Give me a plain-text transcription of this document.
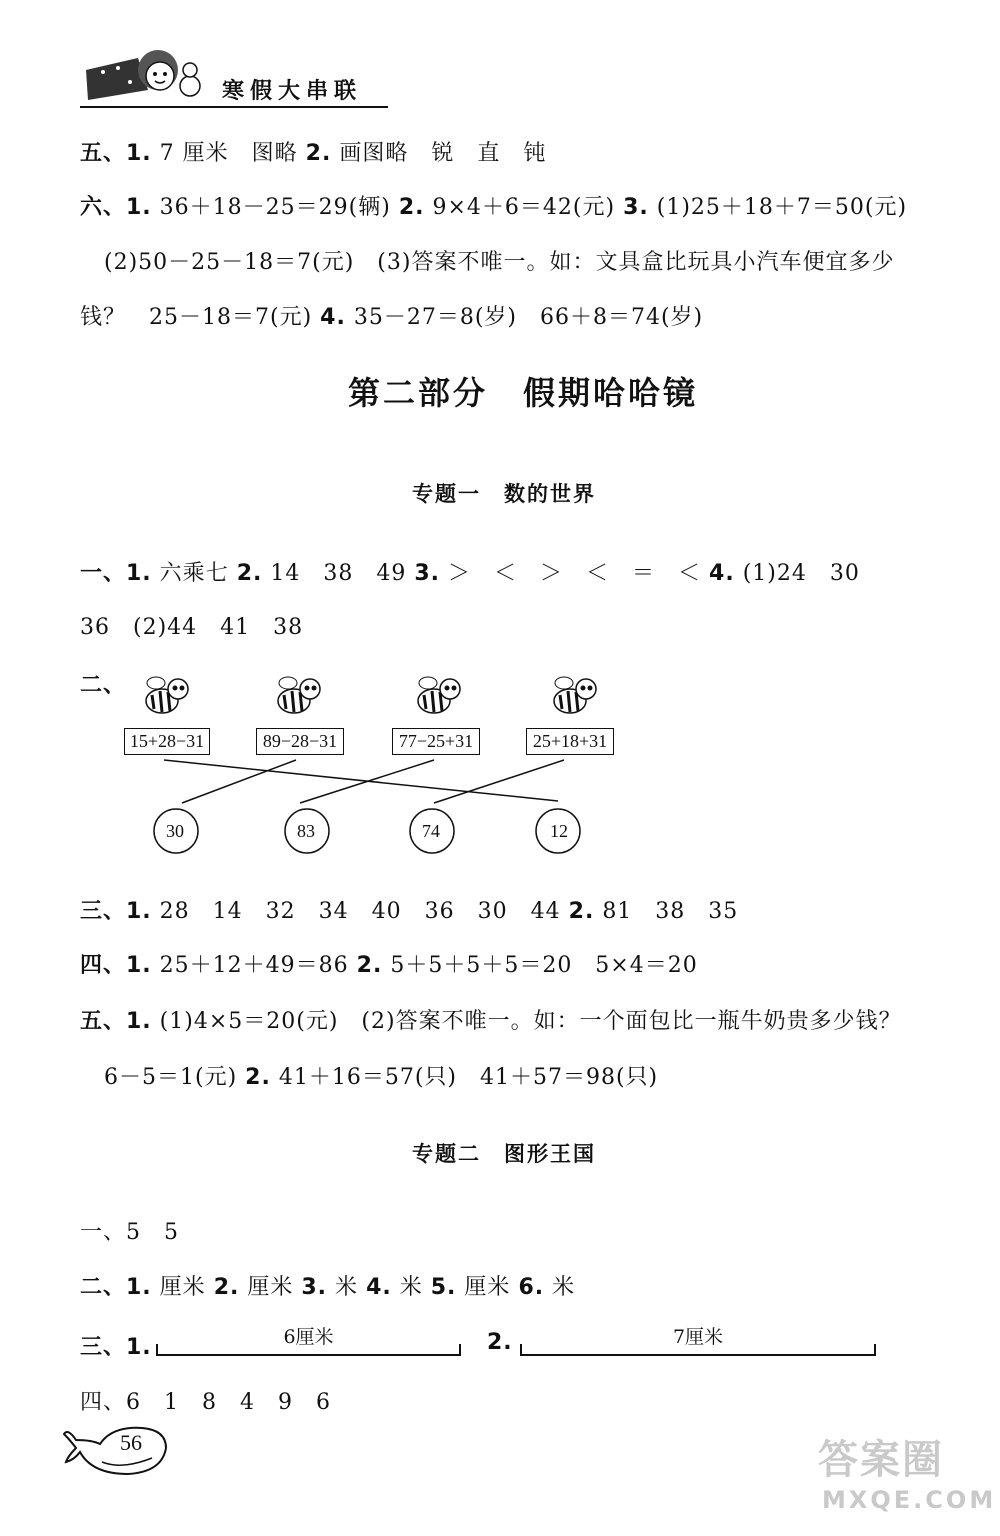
寒假大串联
五、1. 7 厘米　图略 2. 画图略　锐　直　钝
六、1. 36＋18－25＝29(辆) 2. 9×4＋6＝42(元) 3. (1)25＋18＋7＝50(元)
(2)50－25－18＝7(元)　(3)答案不唯一。如：文具盒比玩具小汽车便宜多少
钱？　25－18＝7(元) 4. 35－27＝8(岁)　66＋8＝74(岁)
第二部分　假期哈哈镜
专题一　数的世界
一、1. 六乘七 2. 14　38　49 3. ＞　＜　＞　＜　＝　＜ 4. (1)24　30
36　(2)44　41　38
二、
15+28−31	89−28−31	77−25+31	25+18+31
30	83	74	12
三、1. 28　14　32　34　40　36　30　44 2. 81　38　35
四、1. 25＋12＋49＝86 2. 5＋5＋5＋5＝20　5×4＝20
五、1. (1)4×5＝20(元)　(2)答案不唯一。如：一个面包比一瓶牛奶贵多少钱？
6－5＝1(元) 2. 41＋16＝57(只)　41＋57＝98(只)
专题二　图形王国
一、5　5
二、1. 厘米 2. 厘米 3. 米 4. 米 5. 厘米 6. 米
三、1.	6厘米	2.	7厘米
四、6　1　8　4　9　6
56	答案圈
MXQE.COM
